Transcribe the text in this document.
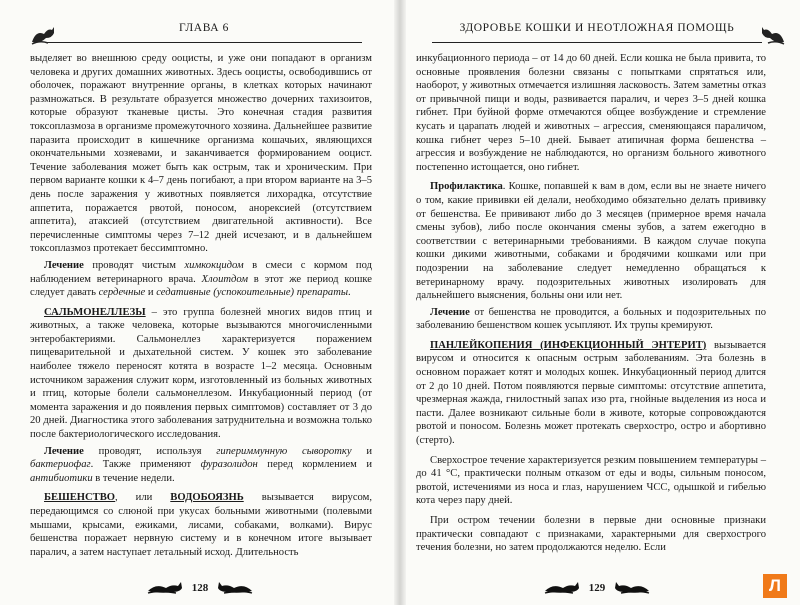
ГЛАВА 6

выделяет во внешнюю среду ооцисты, и уже они попадают в организм человека и других домашних животных. Здесь ооцисты, освободившись от оболочек, поражают внутренние органы, в клетках которых начинают размножаться. В результате образуется множество дочерних тахизоитов, которые образуют тканевые цисты. Это конечная стадия развития токсоплазмоза в организме промежуточного хозяина. Дальнейшее развитие паразита происходит в кишечнике организма кошачьих, являющихся окончательными хозяевами, и заканчивается формированием ооцист. Течение заболевания может быть как острым, так и хроническим. При первом варианте кошки к 4–7 день погибают, а при втором варианте на 3–5 день после заражения у животных появляется лихорадка, отсутствие аппетита, поражается рвотой, поносом, анорексией (отсутствием аппетита), атаксией (отсутствием двигательной активности). Все перечисленные симптомы через 7–12 дней исчезают, и в дальнейшем токсоплазмоз протекает бессимптомно.

Лечение проводят чистым химкокцидом в смеси с кормом под наблюдением ветеринарного врача. Хлоитдом в этот же период кошке следует давать сердечные и седативные (успокоительные) препараты.

САЛЬМОНЕЛЛЕЗЫ – это группа болезней многих видов птиц и животных, а также человека, которые вызываются многочисленными энтеробактериями. Сальмонеллез характеризуется поражением пищеварительной и дыхательной систем. У кошек это заболевание наиболее тяжело переносят котята в возрасте 1–2 месяца. Основным источником заражения служит корм, изготовленный из больных животных и птиц, которые болели сальмонеллезом. Инкубационный период (от момента заражения и до появления первых симптомов) составляет от 3 до 20 дней. Диагностика этого заболевания затруднительна и возможна только после бактериологического исследования.

Лечение проводят, используя гипериммунную сыворотку и бактериофаг. Также применяют фуразолидон перед кормлением и антибиотики в течение недели.

БЕШЕНСТВО, или ВОДОБОЯЗНЬ вызывается вирусом, передающимся со слюной при укусах больными животными (полевыми мышами, крысами, ежиками, лисами, собаками, волками). Вирус бешенства поражает нервную систему и в конечном итоге вызывает паралич, а затем наступает летальный исход. Длительность

128
ЗДОРОВЬЕ КОШКИ И НЕОТЛОЖНАЯ ПОМОЩЬ

инкубационного периода – от 14 до 60 дней. Если кошка не была привита, то основные проявления болезни связаны с попытками спрятаться или, наоборот, у животных отмечается излишняя ласковость. Затем заметны отказ от привычной пищи и воды, развивается паралич, и через 3–5 дней кошка гибнет. При буйной форме отмечаются общее возбуждение и стремление кусать и царапать людей и животных – агрессия, сменяющаяся параличом, кошка гибнет через 5–10 дней. Бывает атипичная форма бешенства – агрессия и возбуждение не наблюдаются, но организм больного животного постепенно истощается, оно гибнет.

Профилактика. Кошке, попавшей к вам в дом, если вы не знаете ничего о том, какие прививки ей делали, необходимо обязательно делать прививку от бешенства. Ее прививают либо до 3 месяцев (примерное время начала смены зубов), либо после окончания смены зубов, а затем ежегодно в соответствии с ветеринарными требованиями. В каждом случае покупа кошки дикими животными, собаками и бродячими кошками или при подозрении на заболевание следует немедленно обращаться к ветеринарному врачу. подозрительных животных изолировать для дальнейшего выяснения, больны они или нет.

Лечение от бешенства не проводится, а больных и подозрительных по заболеванию бешенством кошек усыпляют. Их трупы кремируют.

ПАНЛЕЙКОПЕНИЯ (ИНФЕКЦИОННЫЙ ЭНТЕРИТ) вызывается вирусом и относится к опасным острым заболеваниям. Эта болезнь в основном поражает котят и молодых кошек. Инкубационный период длится от 2 до 10 дней. Потом появляются первые симптомы: отсутствие аппетита, чрезмерная жажда, гнилостный запах изо рта, гнойные выделения из носа и пасти. Далее возникают сильные боли в животе, которые сопровождаются рвотой и поносом. Болезнь может протекать сверхостро, остро и абортивно (стерто).

Сверхострое течение характеризуется резким повышением температуры – до 41 °С, практически полным отказом от еды и воды, сильным поносом, рвотой, истечениями из носа и глаз, нарушением ЧСС, одышкой и гибелью кота через пару дней.

При остром течении болезни в первые дни основные признаки практически совпадают с признаками, характерными для сверхострого течения болезни, но затем продолжаются неделю. Если

129	Л
